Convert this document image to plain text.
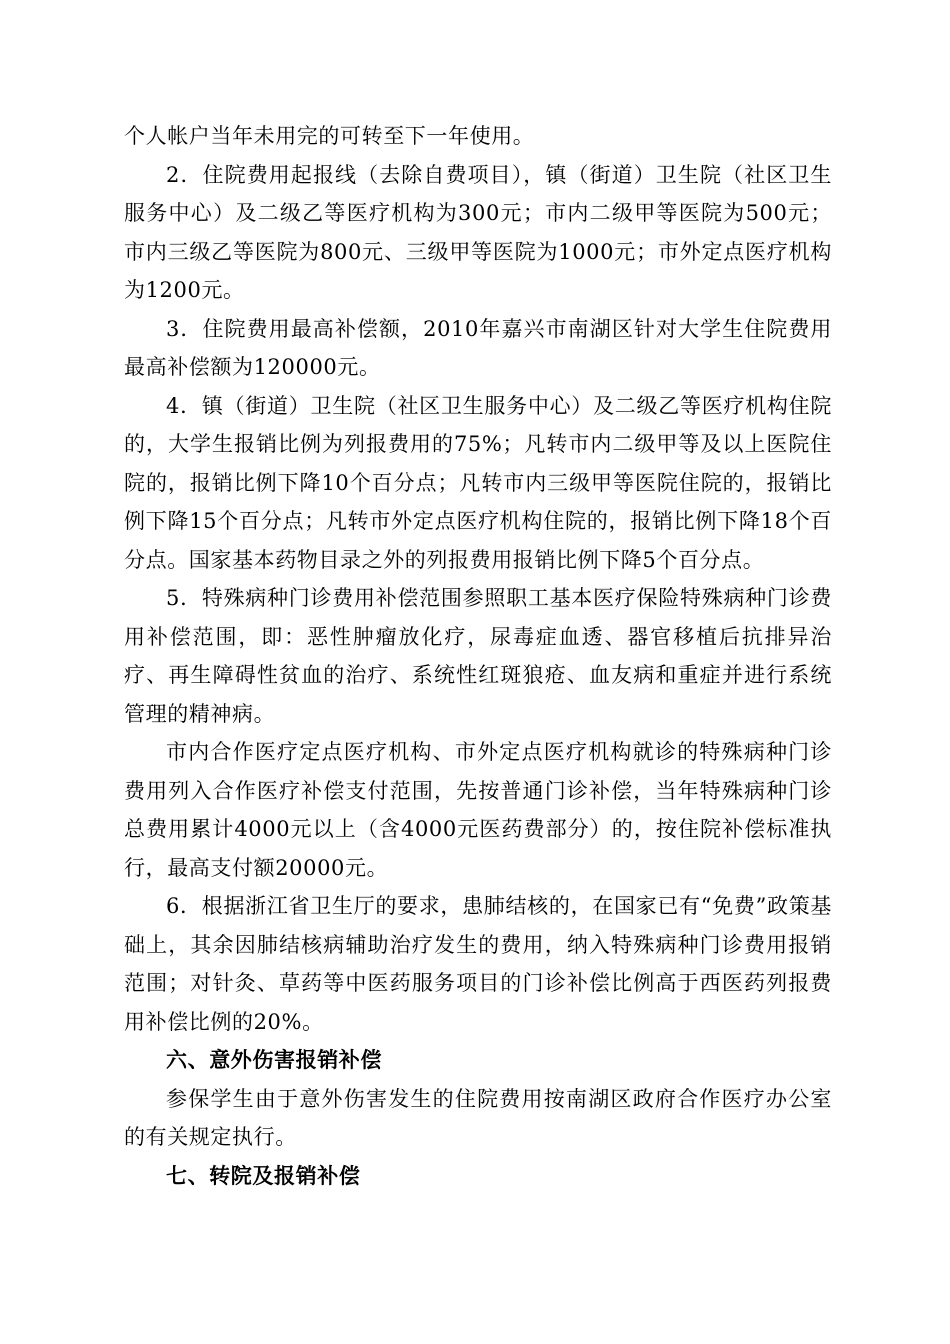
个人帐户当年未用完的可转至下一年使用。

2．住院费用起报线（去除自费项目），镇（街道）卫生院（社区卫生服务中心）及二级乙等医疗机构为300元；市内二级甲等医院为500元；市内三级乙等医院为800元、三级甲等医院为1000元；市外定点医疗机构为1200元。

3．住院费用最高补偿额，2010年嘉兴市南湖区针对大学生住院费用最高补偿额为120000元。

4．镇（街道）卫生院（社区卫生服务中心）及二级乙等医疗机构住院的，大学生报销比例为列报费用的75%；凡转市内二级甲等及以上医院住院的，报销比例下降10个百分点；凡转市内三级甲等医院住院的，报销比例下降15个百分点；凡转市外定点医疗机构住院的，报销比例下降18个百分点。国家基本药物目录之外的列报费用报销比例下降5个百分点。

5．特殊病种门诊费用补偿范围参照职工基本医疗保险特殊病种门诊费用补偿范围，即：恶性肿瘤放化疗，尿毒症血透、器官移植后抗排异治疗、再生障碍性贫血的治疗、系统性红斑狼疮、血友病和重症并进行系统管理的精神病。

市内合作医疗定点医疗机构、市外定点医疗机构就诊的特殊病种门诊费用列入合作医疗补偿支付范围，先按普通门诊补偿，当年特殊病种门诊总费用累计4000元以上（含4000元医药费部分）的，按住院补偿标准执行，最高支付额20000元。

6．根据浙江省卫生厅的要求，患肺结核的，在国家已有“免费”政策基础上，其余因肺结核病辅助治疗发生的费用，纳入特殊病种门诊费用报销范围；对针灸、草药等中医药服务项目的门诊补偿比例高于西医药列报费用补偿比例的20%。

六、意外伤害报销补偿

参保学生由于意外伤害发生的住院费用按南湖区政府合作医疗办公室的有关规定执行。

七、转院及报销补偿
